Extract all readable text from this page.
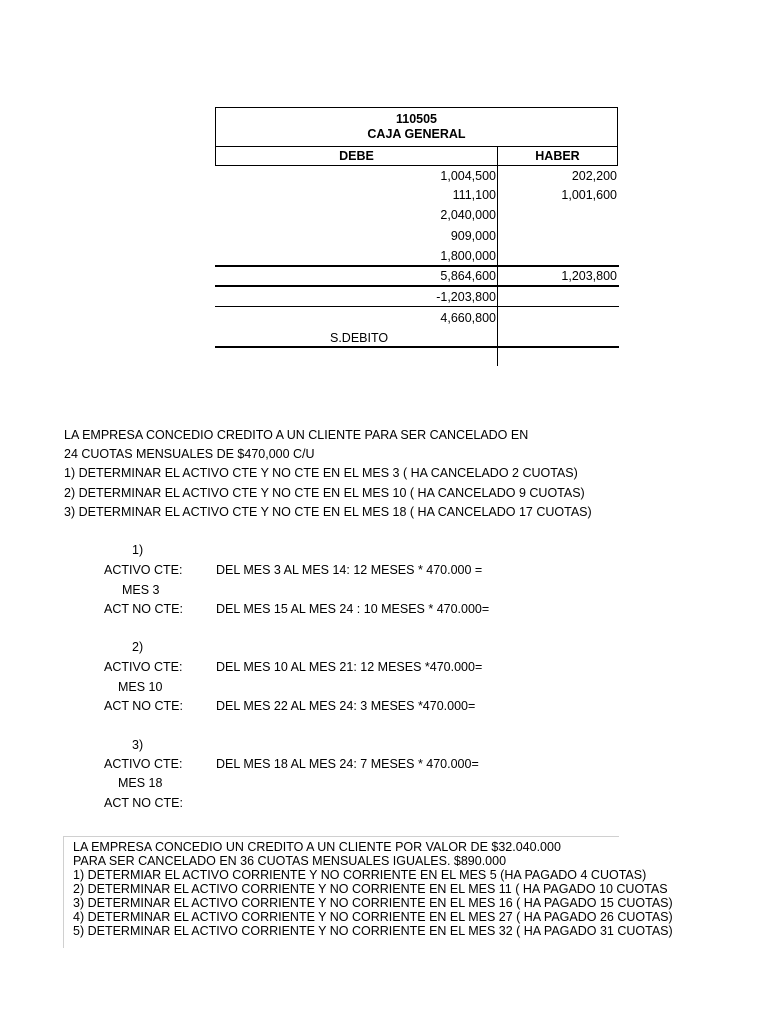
110505
CAJA GENERAL
DEBE	HABER
1,004,500
111,100
2,040,000
909,000
1,800,000
202,200
1,001,600
5,864,600	1,203,800
-1,203,800
4,660,800
S.DEBITO
LA EMPRESA CONCEDIO CREDITO A UN CLIENTE PARA SER CANCELADO EN
24 CUOTAS MENSUALES DE $470,000 C/U
1) DETERMINAR EL ACTIVO CTE Y NO CTE EN EL MES 3 ( HA CANCELADO 2 CUOTAS)
2) DETERMINAR EL ACTIVO CTE Y NO CTE EN EL MES 10 ( HA CANCELADO 9 CUOTAS)
3) DETERMINAR EL ACTIVO CTE Y NO CTE EN EL MES 18 ( HA CANCELADO 17 CUOTAS)
1)
ACTIVO CTE:
MES 3
ACT NO CTE:
DEL MES 3 AL MES 14: 12 MESES * 470.000 =
DEL MES 15 AL MES 24 : 10 MESES * 470.000=
2)
ACTIVO CTE:
MES 10
ACT NO CTE:
DEL MES 10 AL MES 21: 12 MESES *470.000=
DEL MES 22 AL MES 24: 3 MESES *470.000=
3)
ACTIVO CTE:
MES 18
ACT NO CTE:
DEL MES 18 AL MES 24: 7 MESES * 470.000=
LA EMPRESA CONCEDIO UN CREDITO A UN CLIENTE POR VALOR DE $32.040.000
PARA SER CANCELADO EN 36 CUOTAS MENSUALES IGUALES. $890.000
1) DETERMIAR EL ACTIVO CORRIENTE Y NO CORRIENTE EN EL MES 5 (HA PAGADO 4 CUOTAS)
2) DETERMINAR EL ACTIVO CORRIENTE Y NO CORRIENTE EN EL MES 11 ( HA PAGADO 10 CUOTAS
3) DETERMINAR EL ACTIVO CORRIENTE Y NO CORRIENTE EN EL MES 16 ( HA PAGADO 15 CUOTAS)
4) DETERMINAR EL ACTIVO CORRIENTE Y NO CORRIENTE EN EL MES 27 ( HA PAGADO 26 CUOTAS)
5) DETERMINAR EL ACTIVO CORRIENTE Y NO CORRIENTE EN EL MES 32 ( HA PAGADO 31 CUOTAS)
